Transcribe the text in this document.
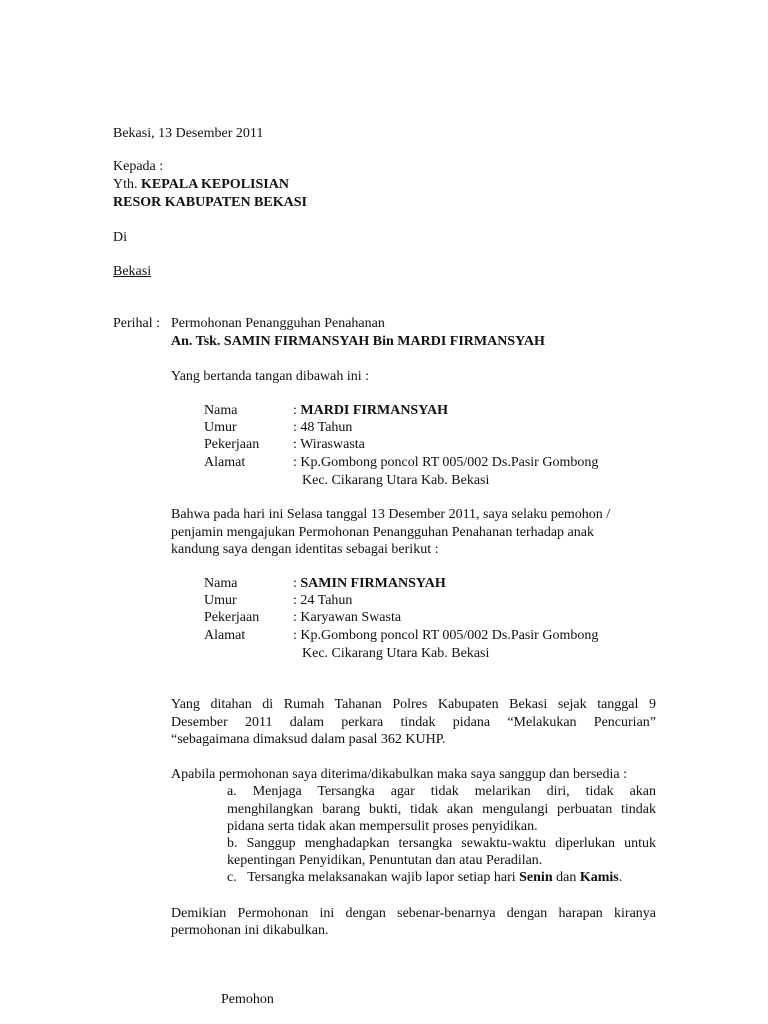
Bekasi, 13 Desember 2011
Kepada :
Yth. KEPALA KEPOLISIAN
RESOR KABUPATEN BEKASI
Di
Bekasi
Perihal : Permohonan Penangguhan Penahanan
An. Tsk. SAMIN FIRMANSYAH Bin MARDI FIRMANSYAH
Yang bertanda tangan dibawah ini :
Nama	: MARDI FIRMANSYAH
Umur	: 48 Tahun
Pekerjaan : Wiraswasta
Alamat	: Kp.Gombong poncol RT 005/002 Ds.Pasir Gombong
Kec. Cikarang Utara Kab. Bekasi
Bahwa pada hari ini Selasa tanggal 13 Desember 2011, saya selaku pemohon /
penjamin mengajukan Permohonan Penangguhan Penahanan terhadap anak
kandung saya dengan identitas sebagai berikut :
Nama	: SAMIN FIRMANSYAH
Umur	: 24 Tahun
Pekerjaan : Karyawan Swasta
Alamat	: Kp.Gombong poncol RT 005/002 Ds.Pasir Gombong
Kec. Cikarang Utara Kab. Bekasi
Yang ditahan di Rumah Tahanan Polres Kabupaten Bekasi sejak tanggal 9
Desember 2011 dalam perkara tindak pidana “Melakukan Pencurian”
“sebagaimana dimaksud dalam pasal 362 KUHP.
Apabila permohonan saya diterima/dikabulkan maka saya sanggup dan bersedia :
a. Menjaga Tersangka agar tidak melarikan diri, tidak akan
menghilangkan barang bukti, tidak akan mengulangi perbuatan tindak
pidana serta tidak akan mempersulit proses penyidikan.
b. Sanggup menghadapkan tersangka sewaktu-waktu diperlukan untuk
kepentingan Penyidikan, Penuntutan dan atau Peradilan.
c. Tersangka melaksanakan wajib lapor setiap hari Senin dan Kamis.
Demikian Permohonan ini dengan sebenar-benarnya dengan harapan kiranya
permohonan ini dikabulkan.
Pemohon
